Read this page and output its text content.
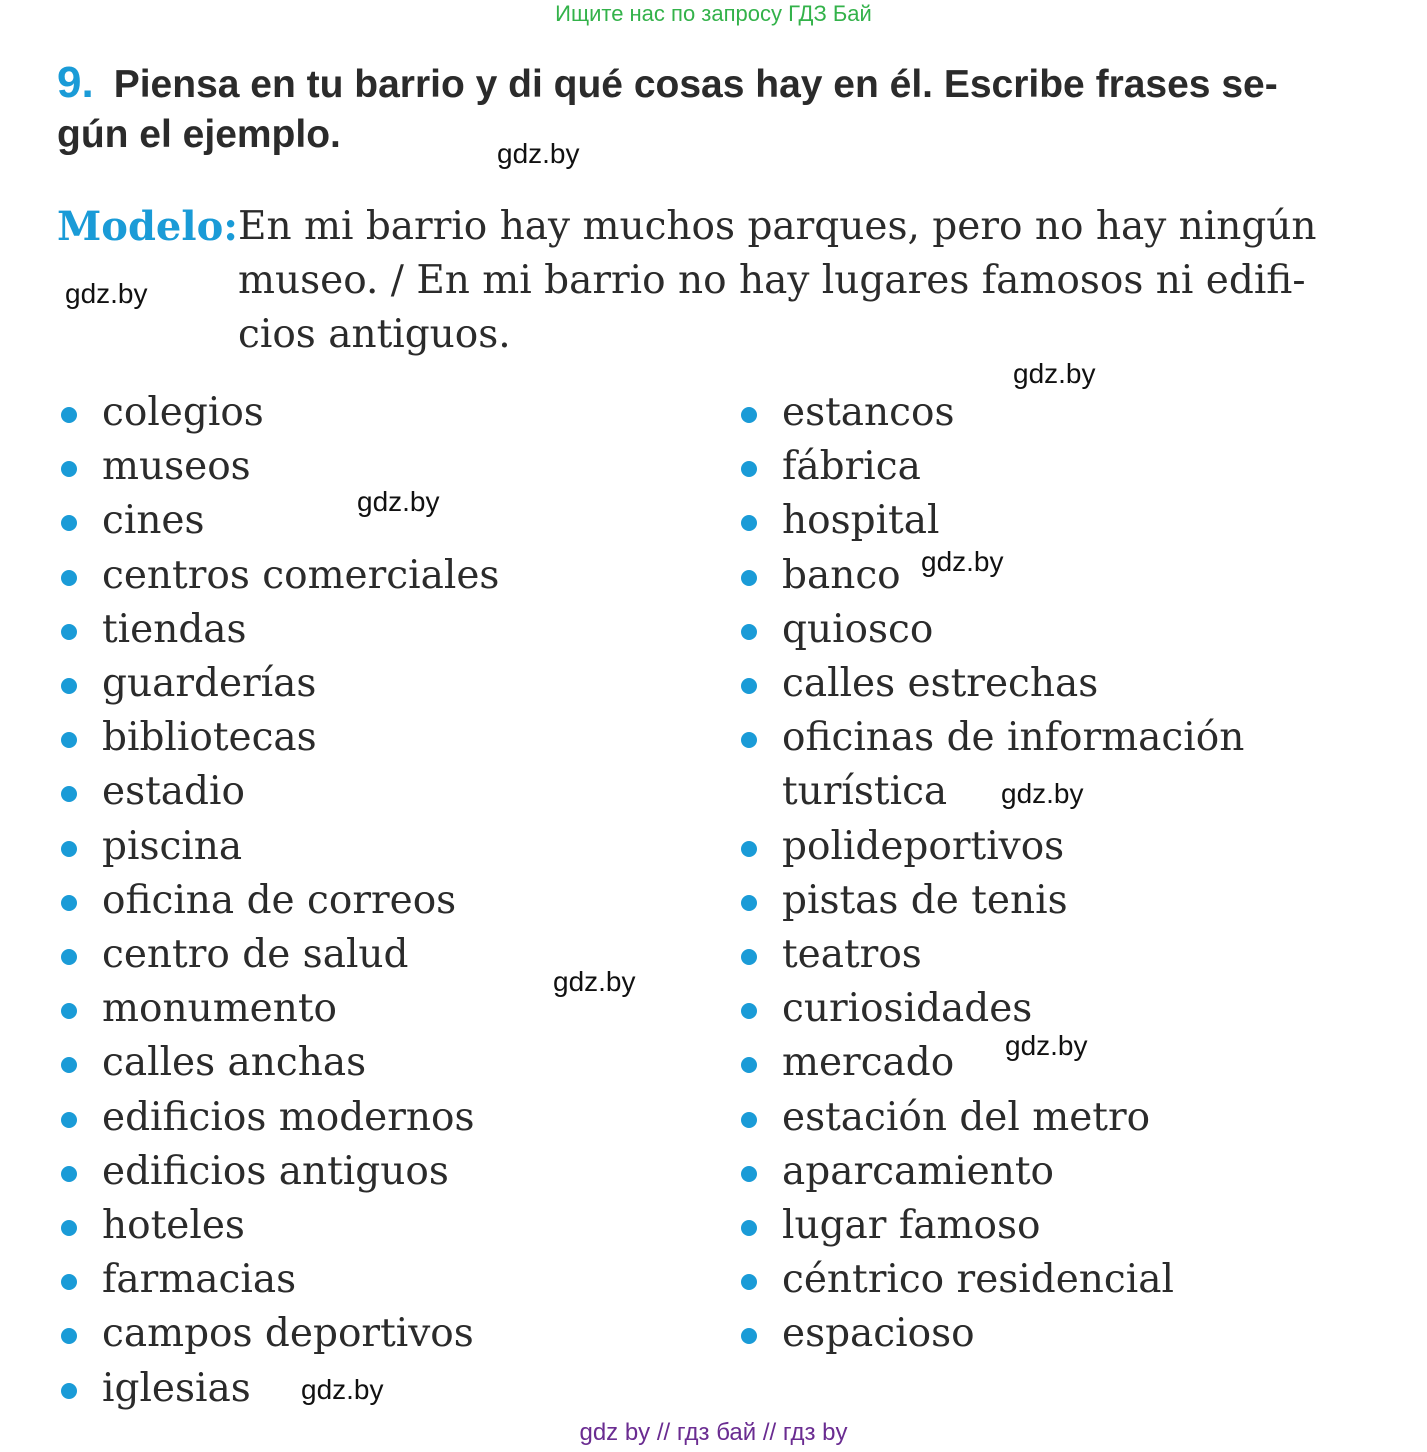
Ищите нас по запросу ГДЗ Бай
9. Piensa en tu barrio y di qué cosas hay en él. Escribe frases se-
gún el ejemplo.
Modelo: En mi barrio hay muchos parques, pero no hay ningún
museo. / En mi barrio no hay lugares famosos ni edifi-
cios antiguos.
colegios
museos
cines
centros comerciales
tiendas
guarderías
bibliotecas
estadio
piscina
oficina de correos
centro de salud
monumento
calles anchas
edificios modernos
edificios antiguos
hoteles
farmacias
campos deportivos
iglesias
estancos
fábrica
hospital
banco
quiosco
calles estrechas
oficinas de información
turística
polideportivos
pistas de tenis
teatros
curiosidades
mercado
estación del metro
aparcamiento
lugar famoso
céntrico residencial
espacioso
gdz.by
gdz.by
gdz.by
gdz.by
gdz.by
gdz.by
gdz.by
gdz.by
gdz.by
gdz by // гдз бай // гдз by
